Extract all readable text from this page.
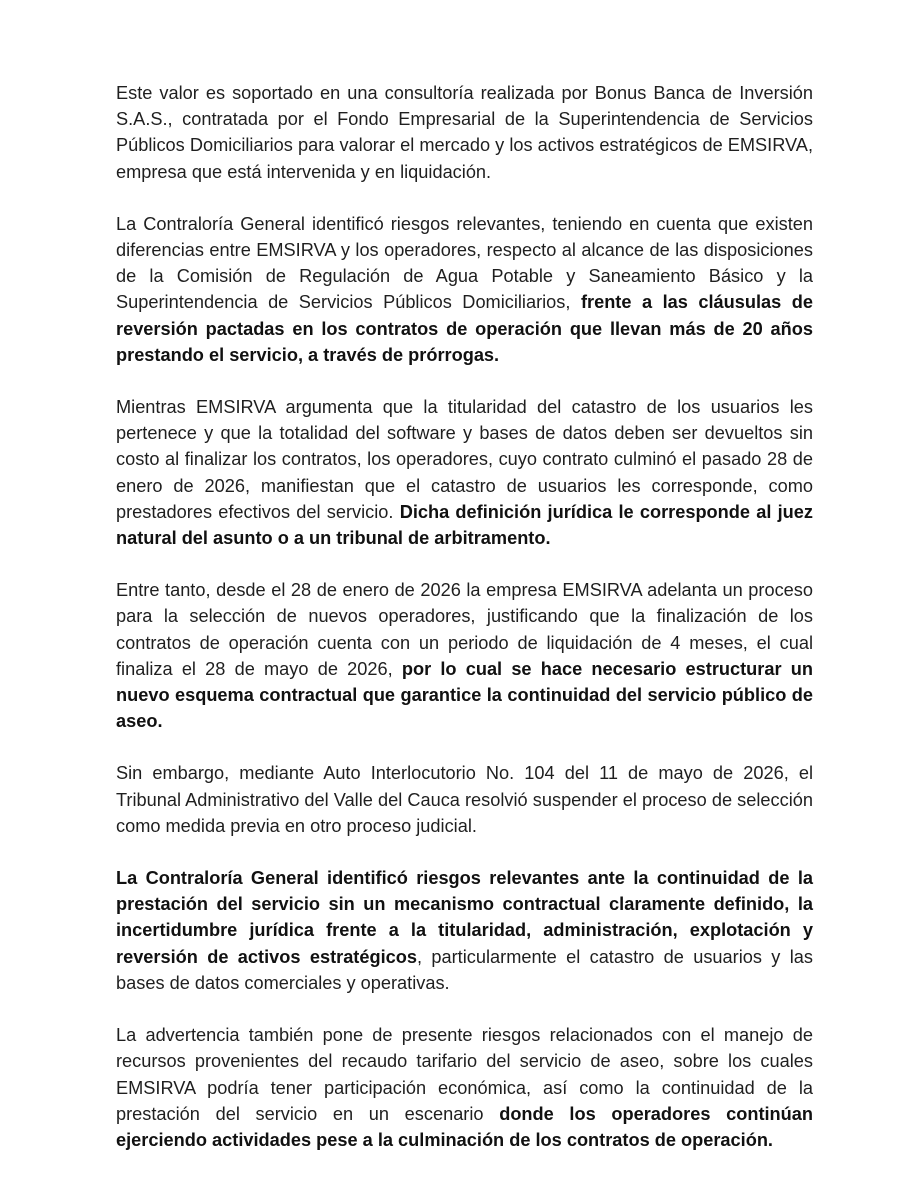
Este valor es soportado en una consultoría realizada por Bonus Banca de Inversión S.A.S., contratada por el Fondo Empresarial de la Superintendencia de Servicios Públicos Domiciliarios para valorar el mercado y los activos estratégicos de EMSIRVA, empresa que está intervenida y en liquidación.

La Contraloría General identificó riesgos relevantes, teniendo en cuenta que existen diferencias entre EMSIRVA y los operadores, respecto al alcance de las disposiciones de la Comisión de Regulación de Agua Potable y Saneamiento Básico y la Superintendencia de Servicios Públicos Domiciliarios, frente a las cláusulas de reversión pactadas en los contratos de operación que llevan más de 20 años prestando el servicio, a través de prórrogas.

Mientras EMSIRVA argumenta que la titularidad del catastro de los usuarios les pertenece y que la totalidad del software y bases de datos deben ser devueltos sin costo al finalizar los contratos, los operadores, cuyo contrato culminó el pasado 28 de enero de 2026, manifiestan que el catastro de usuarios les corresponde, como prestadores efectivos del servicio. Dicha definición jurídica le corresponde al juez natural del asunto o a un tribunal de arbitramento.

Entre tanto, desde el 28 de enero de 2026 la empresa EMSIRVA adelanta un proceso para la selección de nuevos operadores, justificando que la finalización de los contratos de operación cuenta con un periodo de liquidación de 4 meses, el cual finaliza el 28 de mayo de 2026, por lo cual se hace necesario estructurar un nuevo esquema contractual que garantice la continuidad del servicio público de aseo.

Sin embargo, mediante Auto Interlocutorio No. 104 del 11 de mayo de 2026, el Tribunal Administrativo del Valle del Cauca resolvió suspender el proceso de selección como medida previa en otro proceso judicial.

La Contraloría General identificó riesgos relevantes ante la continuidad de la prestación del servicio sin un mecanismo contractual claramente definido, la incertidumbre jurídica frente a la titularidad, administración, explotación y reversión de activos estratégicos, particularmente el catastro de usuarios y las bases de datos comerciales y operativas.

La advertencia también pone de presente riesgos relacionados con el manejo de recursos provenientes del recaudo tarifario del servicio de aseo, sobre los cuales EMSIRVA podría tener participación económica, así como la continuidad de la prestación del servicio en un escenario donde los operadores continúan ejerciendo actividades pese a la culminación de los contratos de operación.
